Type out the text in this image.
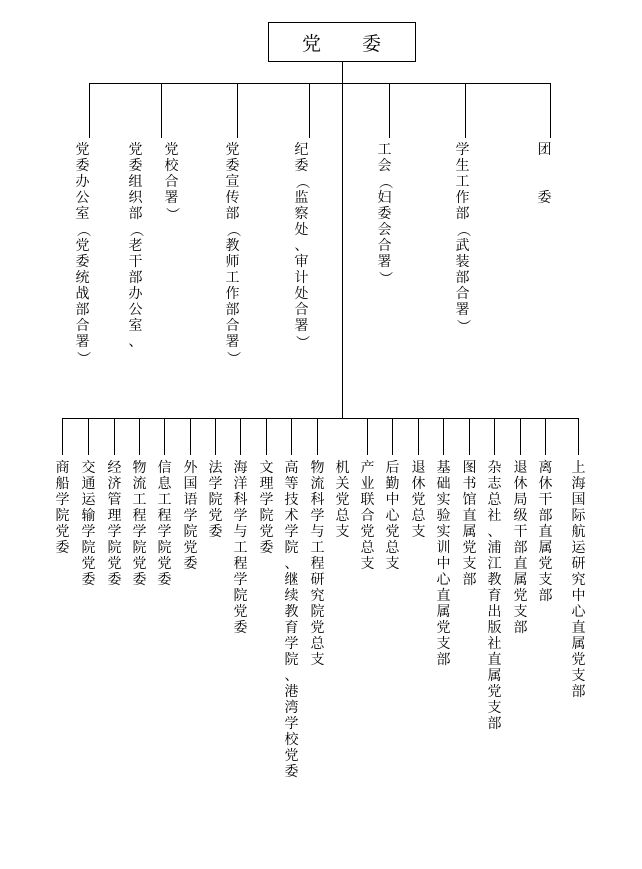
党　　委
党
委
办
公
室
（
党
委
统
战
部
合
署
）
党
委
组
织
部
（
老
干
部
办
公
室
、
党
校
合
署
）
党
委
宣
传
部
（
教
师
工
作
部
合
署
）
纪
委
（
监
察
处
、
审
计
处
合
署
）
工
会
（
妇
委
会
合
署
）
学
生
工
作
部
（
武
装
部
合
署
）
团

委
商
船
学
院
党
委
交
通
运
输
学
院
党
委
经
济
管
理
学
院
党
委
物
流
工
程
学
院
党
委
信
息
工
程
学
院
党
委
外
国
语
学
院
党
委
法
学
院
党
委
海
洋
科
学
与
工
程
学
院
党
委
文
理
学
院
党
委
高
等
技
术
学
院
、
继
续
教
育
学
院
、
港
湾
学
校
党
委
物
流
科
学
与
工
程
研
究
院
党
总
支
机
关
党
总
支
产
业
联
合
党
总
支
后
勤
中
心
党
总
支
退
休
党
总
支
基
础
实
验
实
训
中
心
直
属
党
支
部
图
书
馆
直
属
党
支
部
杂
志
总
社
、
浦
江
教
育
出
版
社
直
属
党
支
部
退
休
局
级
干
部
直
属
党
支
部
离
休
干
部
直
属
党
支
部
上
海
国
际
航
运
研
究
中
心
直
属
党
支
部
